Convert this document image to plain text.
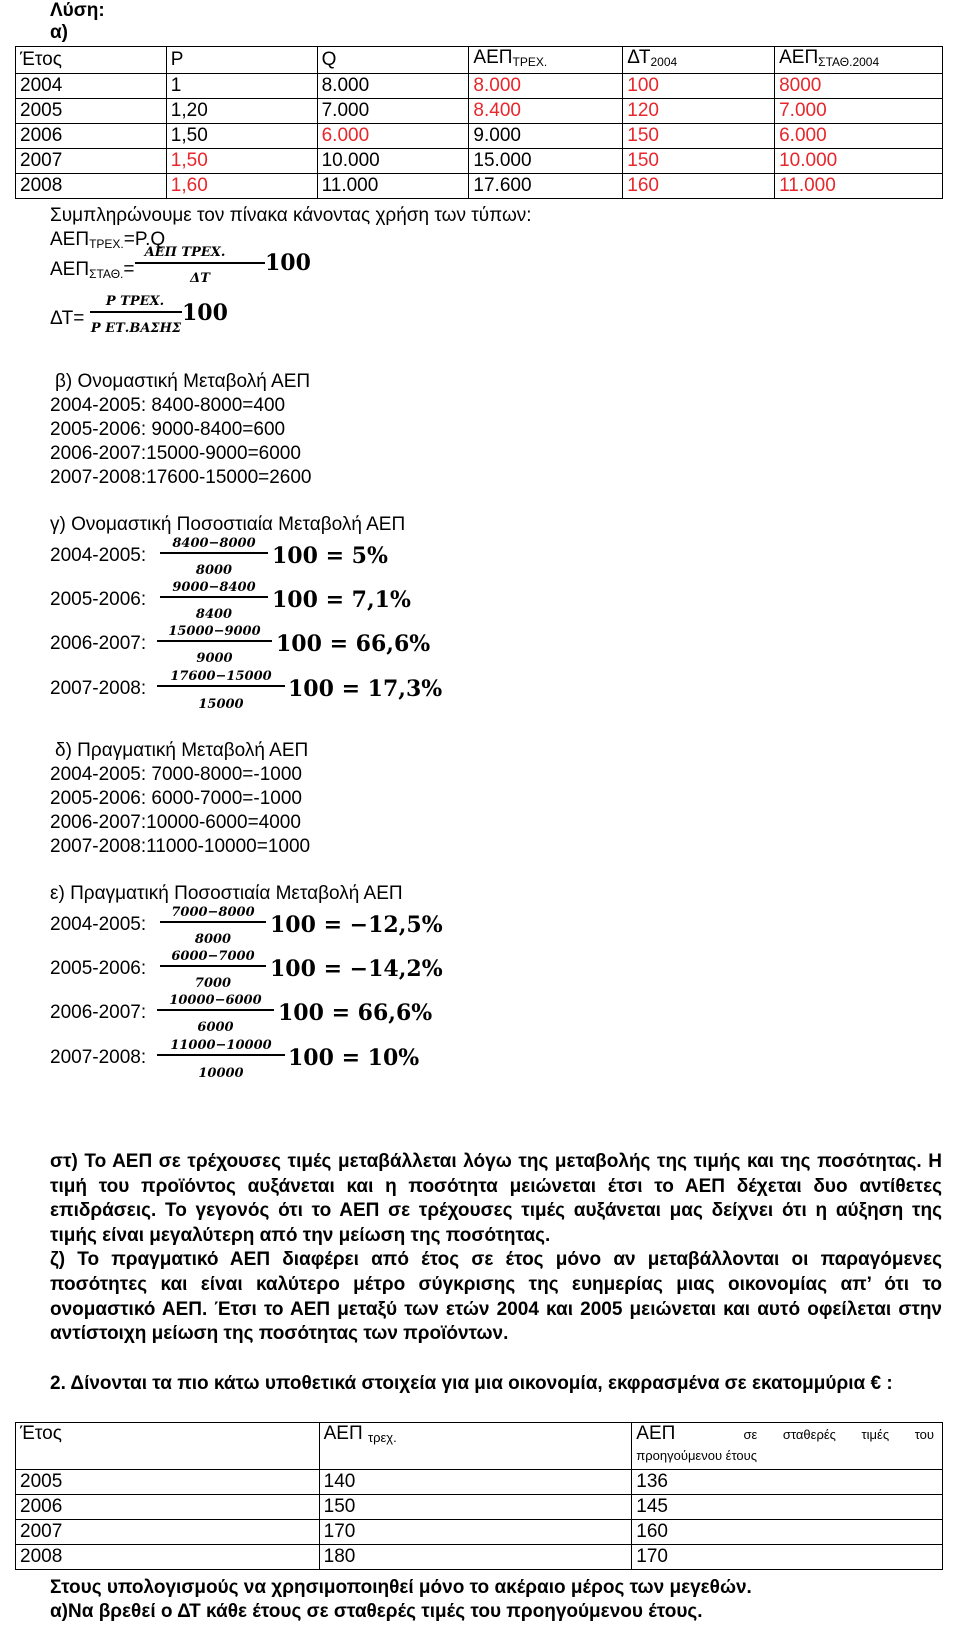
Λύση:
α)
Έτος	P	Q	$AE\Pi_{TPEX.}$	$\Delta T_{2004}$	$AE\Pi_{\Sigma TA\Theta.2004}$
2004	1	8.000	8.000	100	8000
2005	1,20	7.000	8.400	120	7.000
2006	1,50	6.000	9.000	150	6.000
2007	1,50	10.000	15.000	150	10.000
2008	1,60	11.000	17.600	160	11.000
Συμπληρώνουμε τον πίνακα κάνοντας χρήση των τύπων:
$AE\Pi_{TPEX.}=P.Q$
$AE\Pi_{\Sigma TA\Theta.}=$
ΑΕΠ ΤΡΕΧ.
ΔΤ
100
ΔΤ=
P ΤΡΕΧ.
P ΕΤ.ΒΑΣΗΣ
100
β) Ονομαστική Μεταβολή ΑΕΠ
2004-2005: 8400-8000=400
2005-2006: 9000-8400=600
2006-2007:15000-9000=6000
2007-2008:17600-15000=2600
γ) Ονομαστική Ποσοστιαία Μεταβολή ΑΕΠ
2004-2005:
8400−8000
8000
100 = 5%
2005-2006:
9000−8400
8400
100 = 7,1%
2006-2007:
15000−9000
9000
100 = 66,6%
2007-2008:
17600−15000
15000
100 = 17,3%
δ) Πραγματική Μεταβολή ΑΕΠ
2004-2005: 7000-8000=-1000
2005-2006: 6000-7000=-1000
2006-2007:10000-6000=4000
2007-2008:11000-10000=1000
ε) Πραγματική Ποσοστιαία Μεταβολή ΑΕΠ
2004-2005:
7000−8000
8000
100 = −12,5%
2005-2006:
6000−7000
7000
100 = −14,2%
2006-2007:
10000−6000
6000
100 = 66,6%
2007-2008:
11000−10000
10000
100 = 10%

στ) Το ΑΕΠ σε τρέχουσες τιμές μεταβάλλεται λόγω της μεταβολής της τιμής και της ποσότητας. Η τιμή του προϊόντος αυξάνεται και η ποσότητα μειώνεται έτσι το ΑΕΠ δέχεται δυο αντίθετες επιδράσεις. Το γεγονός ότι το ΑΕΠ σε τρέχουσες τιμές αυξάνεται μας δείχνει ότι η αύξηση της τιμής είναι μεγαλύτερη από την μείωση της ποσότητας.

ζ) Το πραγματικό ΑΕΠ διαφέρει από έτος σε έτος μόνο αν μεταβάλλονται οι παραγόμενες ποσότητες και είναι καλύτερο μέτρο σύγκρισης της ευημερίας μιας οικονομίας απ’ ότι το ονομαστικό ΑΕΠ. Έτσι το ΑΕΠ μεταξύ των ετών 2004 και 2005 μειώνεται και αυτό οφείλεται στην αντίστοιχη μείωση της ποσότητας των προϊόντων.

2. Δίνονται τα πιο κάτω υποθετικά στοιχεία για μια οικονομία, εκφρασμένα σε εκατομμύρια € :

Έτος	ΑΕΠ $_{\tau\rho\varepsilon\chi.}$	ΑΕΠ σε σταθερές τιμές του
προηγούμενου έτους

2005	140	136
2006	150	145
2007	170	160
2008	180	170
Στους υπολογισμούς να χρησιμοποιηθεί μόνο το ακέραιο μέρος των μεγεθών.
α)Να βρεθεί ο ΔΤ κάθε έτους σε σταθερές τιμές του προηγούμενου έτους.
